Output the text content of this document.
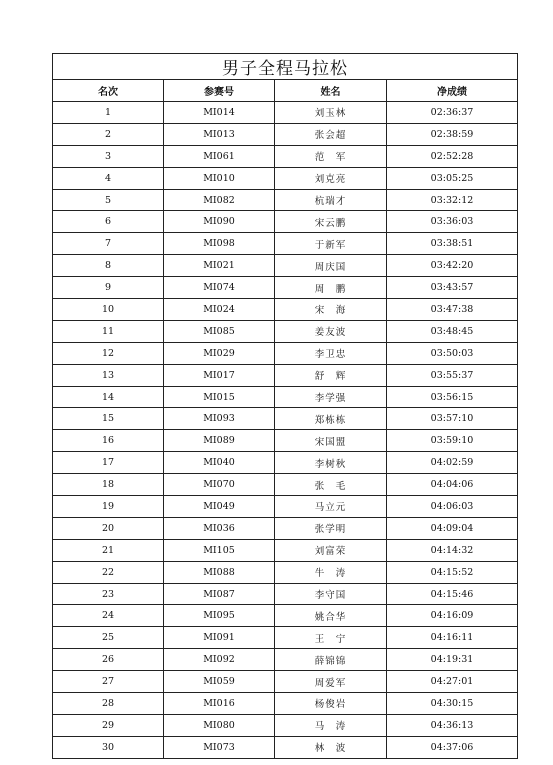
男子全程马拉松			
名次	参赛号	姓名	净成绩
1	MI014	刘玉林	02:36:37
2	MI013	张会超	02:38:59
3	MI061	范　军	02:52:28
4	MI010	刘克亮	03:05:25
5	MI082	杭瑞才	03:32:12
6	MI090	宋云鹏	03:36:03
7	MI098	于新军	03:38:51
8	MI021	周庆国	03:42:20
9	MI074	周　鹏	03:43:57
10	MI024	宋　海	03:47:38
11	MI085	姜友波	03:48:45
12	MI029	李卫忠	03:50:03
13	MI017	舒　辉	03:55:37
14	MI015	李学强	03:56:15
15	MI093	郑栋栋	03:57:10
16	MI089	宋国盟	03:59:10
17	MI040	李树秋	04:02:59
18	MI070	张　毛	04:04:06
19	MI049	马立元	04:06:03
20	MI036	张学明	04:09:04
21	MI105	刘富荣	04:14:32
22	MI088	牛　涛	04:15:52
23	MI087	李守国	04:15:46
24	MI095	姚合华	04:16:09
25	MI091	王　宁	04:16:11
26	MI092	薛锦锦	04:19:31
27	MI059	周爱军	04:27:01
28	MI016	杨俊岩	04:30:15
29	MI080	马　涛	04:36:13
30	MI073	林　波	04:37:06
